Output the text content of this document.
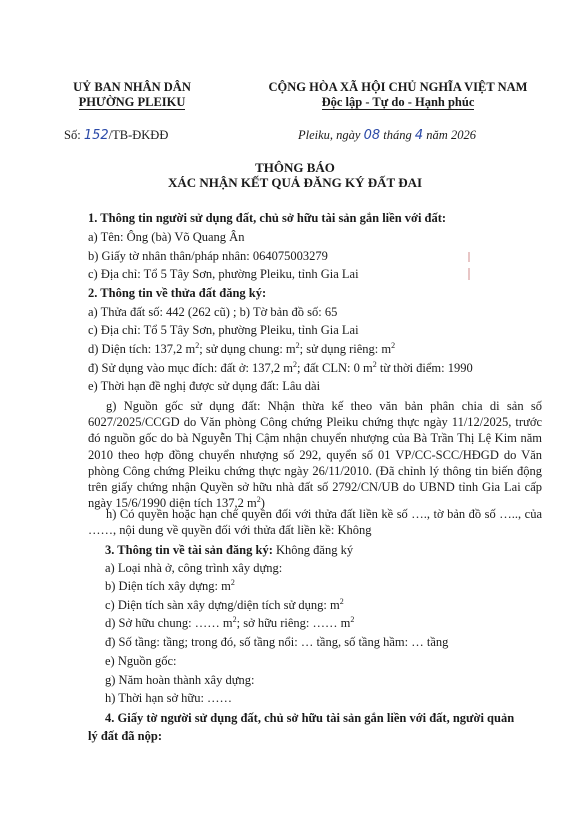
UỶ BAN NHÂN DÂN
PHƯỜNG PLEIKU
CỘNG HÒA XÃ HỘI CHỦ NGHĨA VIỆT NAM
Độc lập - Tự do - Hạnh phúc
Số: 152/TB-ĐKĐĐ	Pleiku, ngày 08 tháng 4 năm 2026
THÔNG BÁO
XÁC NHẬN KẾT QUẢ ĐĂNG KÝ ĐẤT ĐAI
1. Thông tin người sử dụng đất, chủ sở hữu tài sản gắn liền với đất:
a) Tên: Ông (bà) Võ Quang Ân
b) Giấy tờ nhân thân/pháp nhân: 064075003279
c) Địa chỉ: Tổ 5 Tây Sơn, phường Pleiku, tỉnh Gia Lai
2. Thông tin về thửa đất đăng ký:
a) Thửa đất số: 442 (262 cũ) ; b) Tờ bản đồ số: 65
c) Địa chỉ: Tổ 5 Tây Sơn, phường Pleiku, tỉnh Gia Lai
d) Diện tích: 137,2 $m^2$; sử dụng chung: $m^2$; sử dụng riêng: $m^2$
đ) Sử dụng vào mục đích: đất ở: 137,2 $m^2$; đất CLN: 0 $m^2$ từ thời điểm: 1990
e) Thời hạn đề nghị được sử dụng đất: Lâu dài
g) Nguồn gốc sử dụng đất: Nhận thừa kế theo văn bản phân chia di sản số 6027/2025/CCGD do Văn phòng Công chứng Pleiku chứng thực ngày 11/12/2025, trước đó nguồn gốc do bà Nguyễn Thị Cậm nhận chuyển nhượng của Bà Trần Thị Lệ Kim năm 2010 theo hợp đồng chuyển nhượng số 292, quyển số 01 VP/CC-SCC/HĐGD do Văn phòng Công chứng Pleiku chứng thực ngày 26/11/2010. (Đã chỉnh lý thông tin biến động trên giấy chứng nhận Quyền sở hữu nhà đất số 2792/CN/UB do UBND tỉnh Gia Lai cấp ngày 15/6/1990 diện tích 137,2 $m^2$)
h) Có quyền hoặc hạn chế quyền đối với thửa đất liền kề số …., tờ bản đồ số ….., của ……, nội dung về quyền đối với thửa đất liền kề: Không
3. Thông tin về tài sản đăng ký: Không đăng ký
a) Loại nhà ở, công trình xây dựng:
b) Diện tích xây dựng: $m^2$
c) Diện tích sàn xây dựng/diện tích sử dụng: $m^2$
d) Sở hữu chung: …… $m^2$; sở hữu riêng: …… $m^2$
đ) Số tầng: tầng; trong đó, số tầng nổi: … tầng, số tầng hầm: … tầng
e) Nguồn gốc:
g) Năm hoàn thành xây dựng:
h) Thời hạn sở hữu: ……
4. Giấy tờ người sử dụng đất, chủ sở hữu tài sản gắn liền với đất, người quản
lý đất đã nộp:
